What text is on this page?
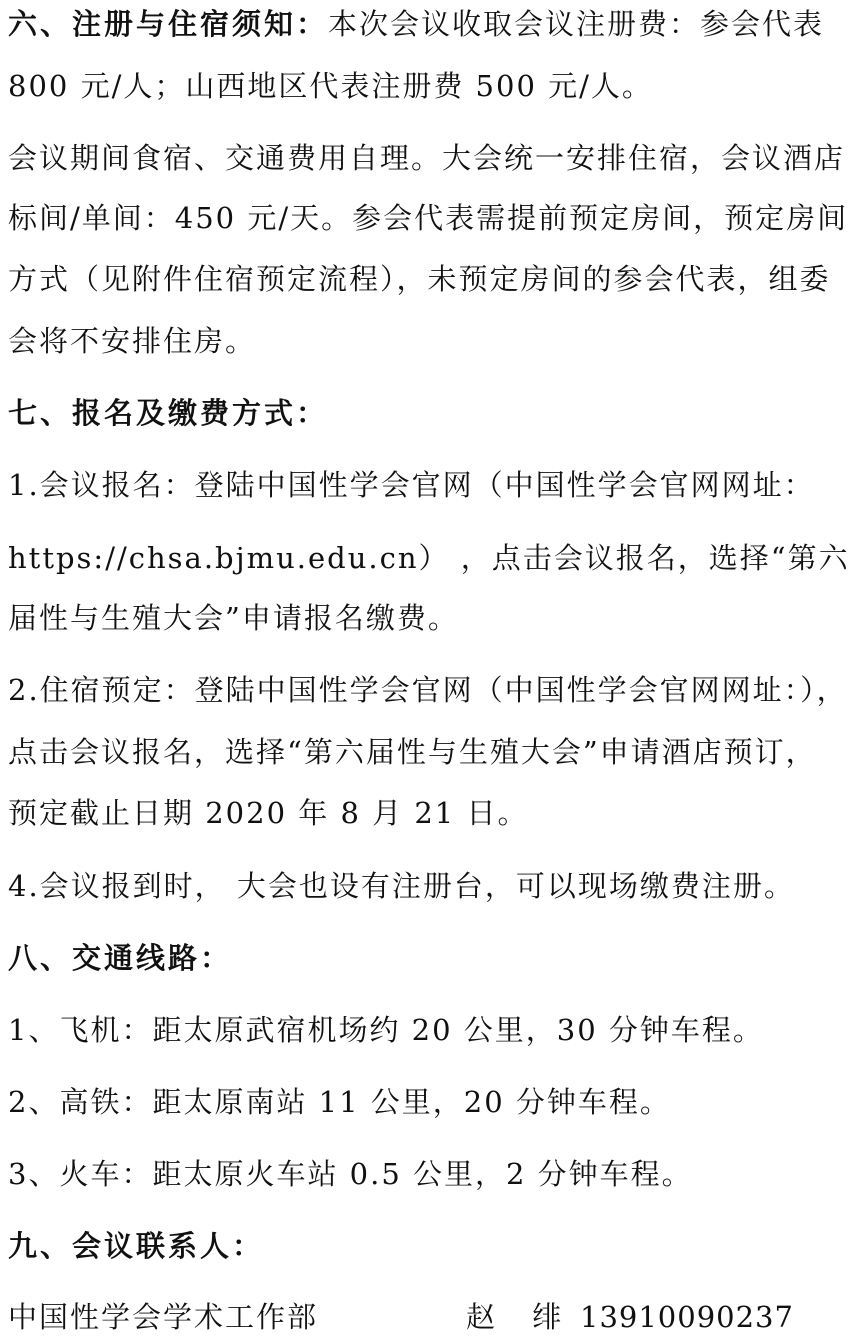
六、注册与住宿须知：本次会议收取会议注册费：参会代表
800 元/人；山西地区代表注册费 500 元/人。
会议期间食宿、交通费用自理。大会统一安排住宿，会议酒店
标间/单间：450 元/天。参会代表需提前预定房间，预定房间
方式（见附件住宿预定流程），未预定房间的参会代表，组委
会将不安排住房。
七、报名及缴费方式：
1.会议报名：登陆中国性学会官网（中国性学会官网网址：
https://chsa.bjmu.edu.cn） ，点击会议报名，选择“第六
届性与生殖大会”申请报名缴费。
2.住宿预定：登陆中国性学会官网（中国性学会官网网址：），
点击会议报名，选择“第六届性与生殖大会”申请酒店预订，
预定截止日期 2020 年 8 月 21 日。
4.会议报到时， 大会也设有注册台，可以现场缴费注册。
八、交通线路：
1、飞机：距太原武宿机场约 20 公里，30 分钟车程。
2、高铁：距太原南站 11 公里，20 分钟车程。
3、火车：距太原火车站 0.5 公里，2 分钟车程。
九、会议联系人：
中国性学会学术工作部	赵 绯 13910090237
